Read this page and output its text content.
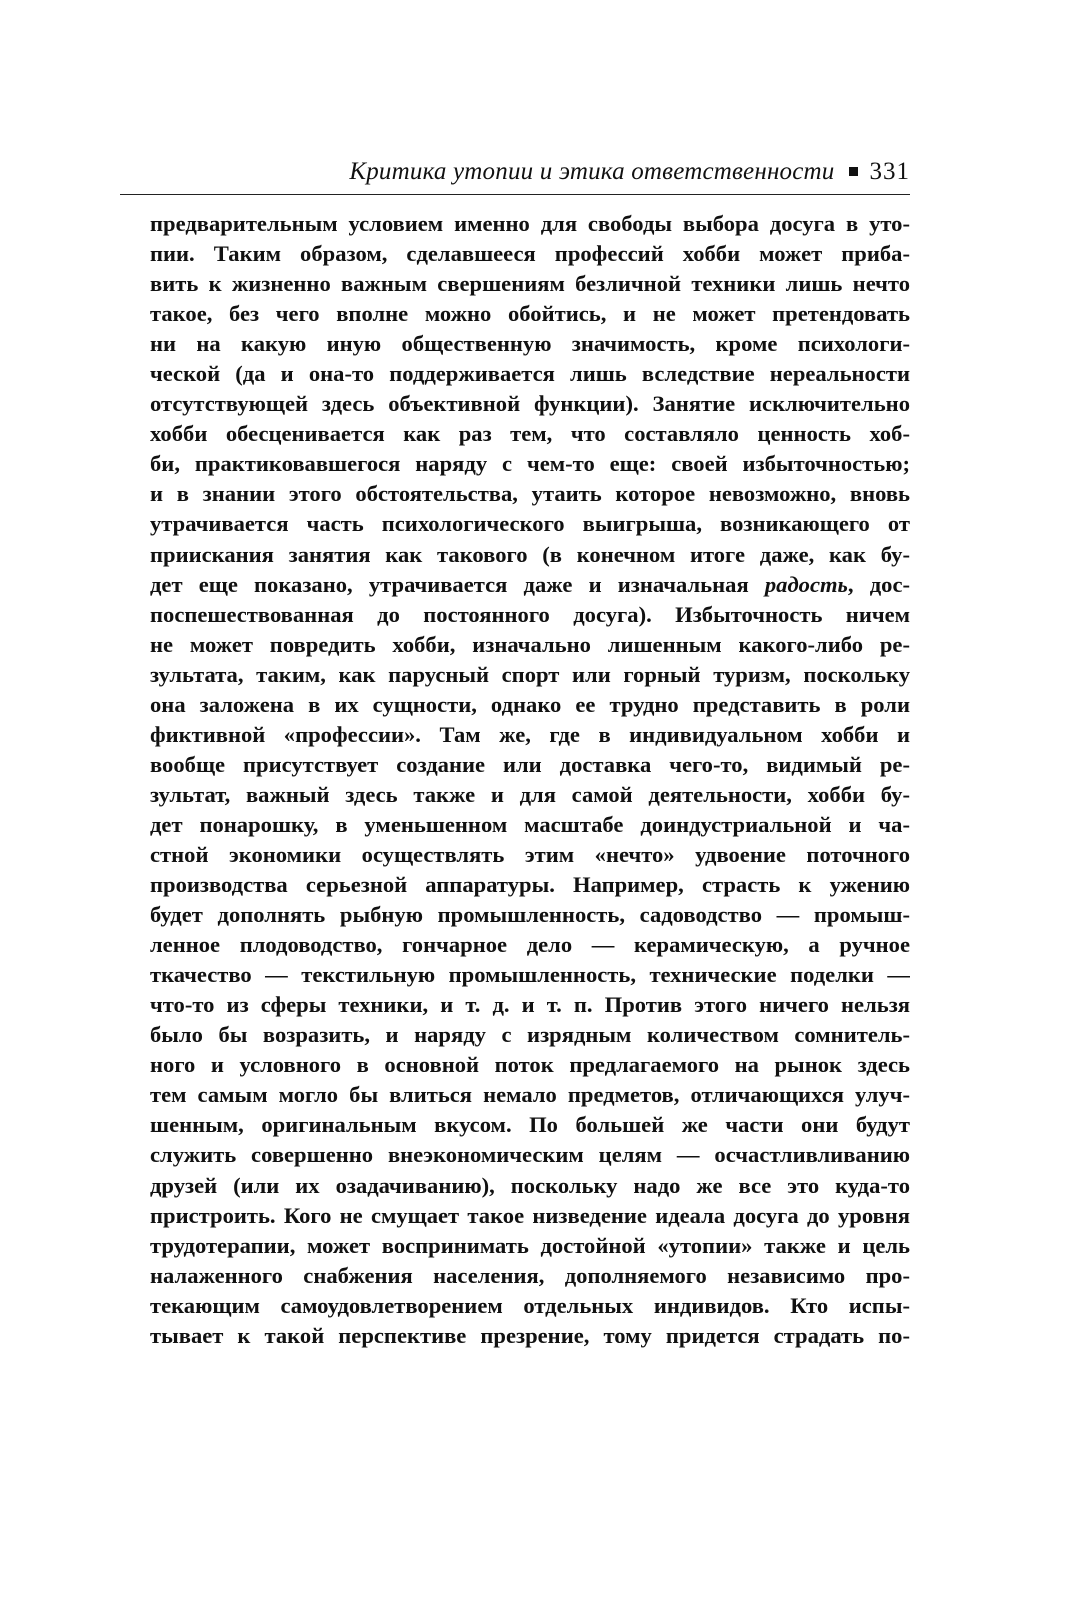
Критика утопии и этика ответственности 331
предварительным условием именно для свободы выбора досуга в уто-
пии. Таким образом, сделавшееся профессий хобби может приба-
вить к жизненно важным свершениям безличной техники лишь нечто
такое, без чего вполне можно обойтись, и не может претендовать
ни на какую иную общественную значимость, кроме психологи-
ческой (да и она-то поддерживается лишь вследствие нереальности
отсутствующей здесь объективной функции). Занятие исключительно
хобби обесценивается как раз тем, что составляло ценность хоб-
би, практиковавшегося наряду с чем-то еще: своей избыточностью;
и в знании этого обстоятельства, утаить которое невозможно, вновь
утрачивается часть психологического выигрыша, возникающего от
приискания занятия как такового (в конечном итоге даже, как бу-
дет еще показано, утрачивается даже и изначальная радость, дос-
поспешествованная до постоянного досуга). Избыточность ничем
не может повредить хобби, изначально лишенным какого-либо ре-
зультата, таким, как парусный спорт или горный туризм, поскольку
она заложена в их сущности, однако ее трудно представить в роли
фиктивной «профессии». Там же, где в индивидуальном хобби и
вообще присутствует создание или доставка чего-то, видимый ре-
зультат, важный здесь также и для самой деятельности, хобби бу-
дет понарошку, в уменьшенном масштабе доиндустриальной и ча-
стной экономики осуществлять этим «нечто» удвоение поточного
производства серьезной аппаратуры. Например, страсть к ужению
будет дополнять рыбную промышленность, садоводство — промыш-
ленное плодоводство, гончарное дело — керамическую, а ручное
ткачество — текстильную промышленность, технические поделки —
что-то из сферы техники, и т. д. и т. п. Против этого ничего нельзя
было бы возразить, и наряду с изрядным количеством сомнитель-
ного и условного в основной поток предлагаемого на рынок здесь
тем самым могло бы влиться немало предметов, отличающихся улуч-
шенным, оригинальным вкусом. По большей же части они будут
служить совершенно внеэкономическим целям — осчастливливанию
друзей (или их озадачиванию), поскольку надо же все это куда-то
пристроить. Кого не смущает такое низведение идеала досуга до уровня
трудотерапии, может воспринимать достойной «утопии» также и цель
налаженного снабжения населения, дополняемого независимо про-
текающим самоудовлетворением отдельных индивидов. Кто испы-
тывает к такой перспективе презрение, тому придется страдать по-
